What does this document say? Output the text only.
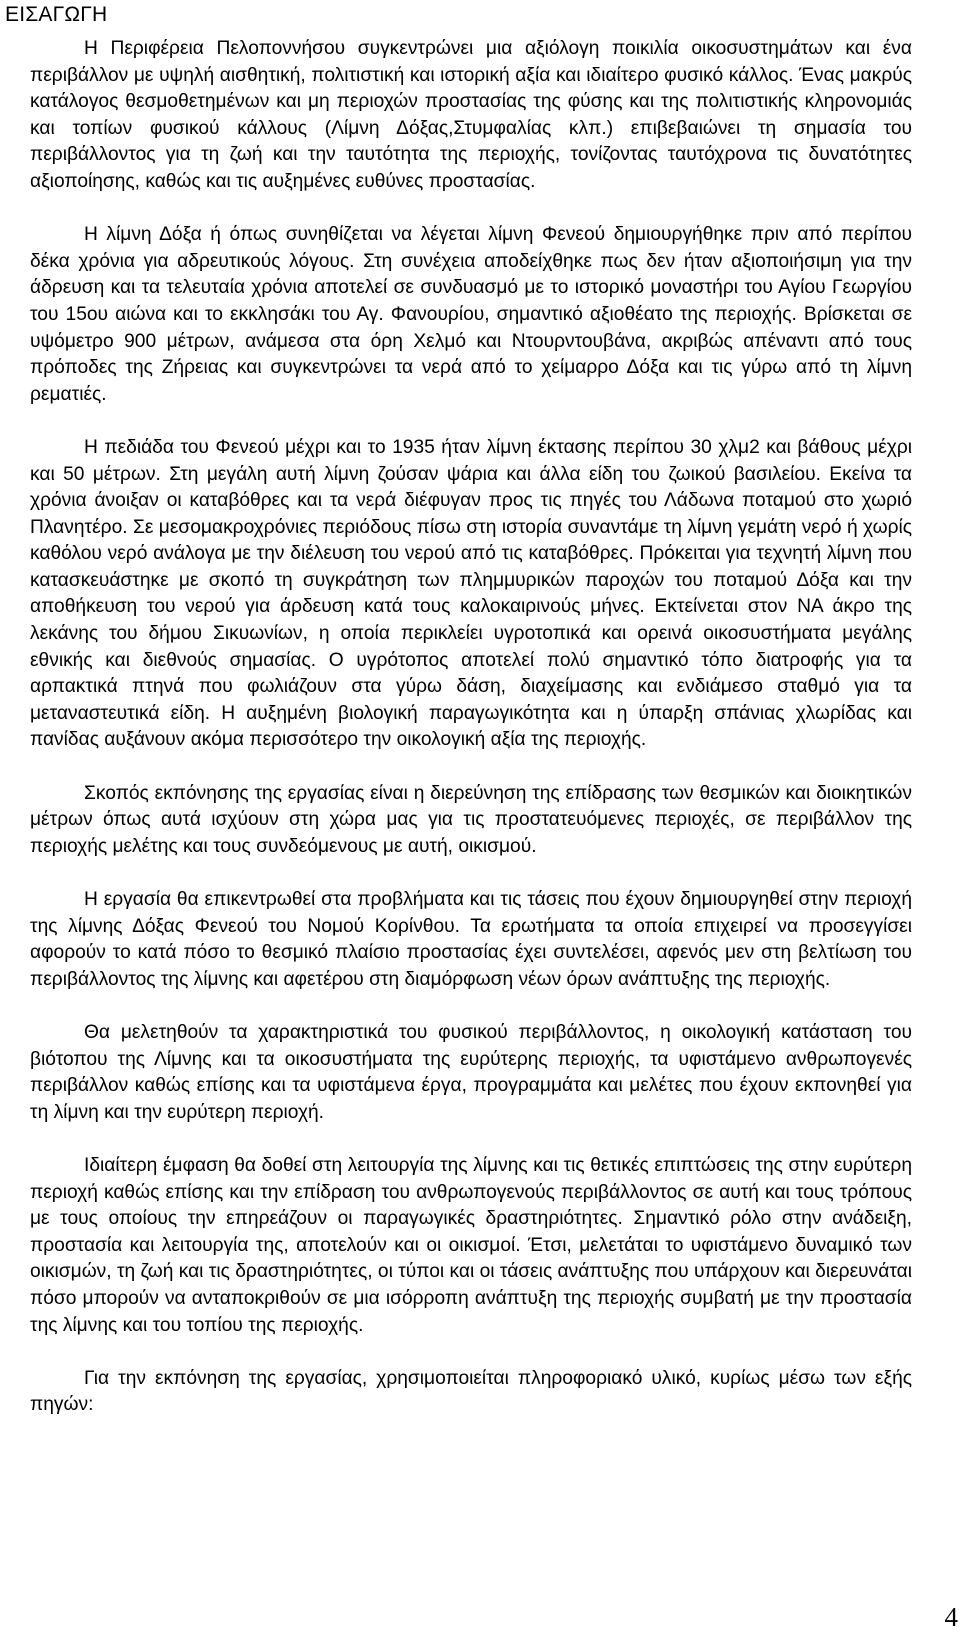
ΕΙΣΑΓΩΓΗ

Η Περιφέρεια Πελοποννήσου συγκεντρώνει μια αξιόλογη ποικιλία οικοσυστημάτων και ένα περιβάλλον με υψηλή αισθητική, πολιτιστική και ιστορική αξία και ιδιαίτερο φυσικό κάλλος. Ένας μακρύς κατάλογος θεσμοθετημένων και μη περιοχών προστασίας της φύσης και της πολιτιστικής κληρονομιάς και τοπίων φυσικού κάλλους (Λίμνη Δόξας,Στυμφαλίας κλπ.) επιβεβαιώνει τη σημασία του περιβάλλοντος για τη ζωή και την ταυτότητα της περιοχής, τονίζοντας ταυτόχρονα τις δυνατότητες αξιοποίησης, καθώς και τις αυξημένες ευθύνες προστασίας.

Η λίμνη Δόξα ή όπως συνηθίζεται να λέγεται λίμνη Φενεού δημιουργήθηκε πριν από περίπου δέκα χρόνια για αδρευτικούς λόγους. Στη συνέχεια αποδείχθηκε πως δεν ήταν αξιοποιήσιμη για την άδρευση και τα τελευταία χρόνια αποτελεί σε συνδυασμό με το ιστορικό μοναστήρι του Αγίου Γεωργίου του 15ου αιώνα και το εκκλησάκι του Αγ. Φανουρίου, σημαντικό αξιοθέατο της περιοχής. Βρίσκεται σε υψόμετρο 900 μέτρων, ανάμεσα στα όρη Χελμό και Ντουρντουβάνα, ακριβώς απέναντι από τους πρόποδες της Ζήρειας και συγκεντρώνει τα νερά από το χείμαρρο Δόξα και τις γύρω από τη λίμνη ρεματιές.

Η πεδιάδα του Φενεού μέχρι και το 1935 ήταν λίμνη έκτασης περίπου 30 χλμ2 και βάθους μέχρι και 50 μέτρων. Στη μεγάλη αυτή λίμνη ζούσαν ψάρια και άλλα είδη του ζωικού βασιλείου. Εκείνα τα χρόνια άνοιξαν οι καταβόθρες και τα νερά διέφυγαν προς τις πηγές του Λάδωνα ποταμού στο χωριό Πλανητέρο. Σε μεσομακροχρόνιες περιόδους πίσω στη ιστορία συναντάμε τη λίμνη γεμάτη νερό ή χωρίς καθόλου νερό ανάλογα με την διέλευση του νερού από τις καταβόθρες. Πρόκειται για τεχνητή λίμνη που κατασκευάστηκε με σκοπό τη συγκράτηση των πλημμυρικών παροχών του ποταμού Δόξα και την αποθήκευση του νερού για άρδευση κατά τους καλοκαιρινούς μήνες. Εκτείνεται στον ΝΑ άκρο της λεκάνης του δήμου Σικυωνίων, η οποία περικλείει υγροτοπικά και ορεινά οικοσυστήματα μεγάλης εθνικής και διεθνούς σημασίας. Ο υγρότοπος αποτελεί πολύ σημαντικό τόπο διατροφής για τα αρπακτικά πτηνά που φωλιάζουν στα γύρω δάση, διαχείμασης και ενδιάμεσο σταθμό για τα μεταναστευτικά είδη. Η αυξημένη βιολογική παραγωγικότητα και η ύπαρξη σπάνιας χλωρίδας και πανίδας αυξάνουν ακόμα περισσότερο την οικολογική αξία της περιοχής.

Σκοπός εκπόνησης της εργασίας είναι η διερεύνηση της επίδρασης των θεσμικών και διοικητικών μέτρων όπως αυτά ισχύουν στη χώρα μας για τις προστατευόμενες περιοχές, σε περιβάλλον της περιοχής μελέτης και τους συνδεόμενους με αυτή, οικισμού.

Η εργασία θα επικεντρωθεί στα προβλήματα και τις τάσεις που έχουν δημιουργηθεί στην περιοχή της λίμνης Δόξας Φενεού του Νομού Κορίνθου. Τα ερωτήματα τα οποία επιχειρεί να προσεγγίσει αφορούν το κατά πόσο το θεσμικό πλαίσιο προστασίας έχει συντελέσει, αφενός μεν στη βελτίωση του περιβάλλοντος της λίμνης και αφετέρου στη διαμόρφωση νέων όρων ανάπτυξης της περιοχής.

Θα μελετηθούν τα χαρακτηριστικά του φυσικού περιβάλλοντος, η οικολογική κατάσταση του βιότοπου της Λίμνης και τα οικοσυστήματα της ευρύτερης περιοχής, τα υφιστάμενο ανθρωπογενές περιβάλλον καθώς επίσης και τα υφιστάμενα έργα, προγραμμάτα και μελέτες που έχουν εκπονηθεί για τη λίμνη και την ευρύτερη περιοχή.

Ιδιαίτερη έμφαση θα δοθεί στη λειτουργία της λίμνης και τις θετικές επιπτώσεις της στην ευρύτερη περιοχή καθώς επίσης και την επίδραση του ανθρωπογενούς περιβάλλοντος σε αυτή και τους τρόπους με τους οποίους την επηρεάζουν οι παραγωγικές δραστηριότητες. Σημαντικό ρόλο στην ανάδειξη, προστασία και λειτουργία της, αποτελούν και οι οικισμοί. Έτσι, μελετάται το υφιστάμενο δυναμικό των οικισμών, τη ζωή και τις δραστηριότητες, οι τύποι και οι τάσεις ανάπτυξης που υπάρχουν και διερευνάται πόσο μπορούν να ανταποκριθούν σε μια ισόρροπη ανάπτυξη της περιοχής συμβατή με την προστασία της λίμνης και του τοπίου της περιοχής.

Για την εκπόνηση της εργασίας, χρησιμοποιείται πληροφοριακό υλικό, κυρίως μέσω των εξής πηγών:

4
